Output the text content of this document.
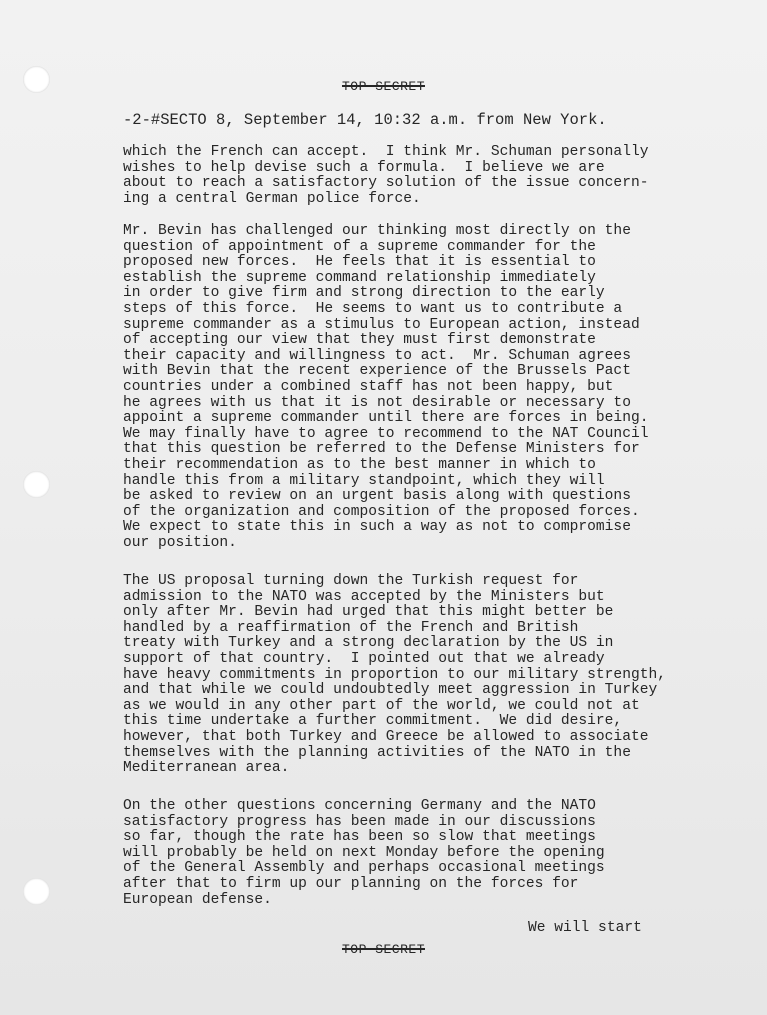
TOP SECRET
-2-#SECTO 8, September 14, 10:32 a.m. from New York.

which the French can accept.  I think Mr. Schuman personally
wishes to help devise such a formula.  I believe we are
about to reach a satisfactory solution of the issue concern-
ing a central German police force.

Mr. Bevin has challenged our thinking most directly on the
question of appointment of a supreme commander for the
proposed new forces.  He feels that it is essential to
establish the supreme command relationship immediately
in order to give firm and strong direction to the early
steps of this force.  He seems to want us to contribute a
supreme commander as a stimulus to European action, instead
of accepting our view that they must first demonstrate
their capacity and willingness to act.  Mr. Schuman agrees
with Bevin that the recent experience of the Brussels Pact
countries under a combined staff has not been happy, but
he agrees with us that it is not desirable or necessary to
appoint a supreme commander until there are forces in being.
We may finally have to agree to recommend to the NAT Council
that this question be referred to the Defense Ministers for
their recommendation as to the best manner in which to
handle this from a military standpoint, which they will
be asked to review on an urgent basis along with questions
of the organization and composition of the proposed forces.
We expect to state this in such a way as not to compromise
our position.

The US proposal turning down the Turkish request for
admission to the NATO was accepted by the Ministers but
only after Mr. Bevin had urged that this might better be
handled by a reaffirmation of the French and British
treaty with Turkey and a strong declaration by the US in
support of that country.  I pointed out that we already
have heavy commitments in proportion to our military strength,
and that while we could undoubtedly meet aggression in Turkey
as we would in any other part of the world, we could not at
this time undertake a further commitment.  We did desire,
however, that both Turkey and Greece be allowed to associate
themselves with the planning activities of the NATO in the
Mediterranean area.

On the other questions concerning Germany and the NATO
satisfactory progress has been made in our discussions
so far, though the rate has been so slow that meetings
will probably be held on next Monday before the opening
of the General Assembly and perhaps occasional meetings
after that to firm up our planning on the forces for
European defense.

We will start
TOP SECRET
